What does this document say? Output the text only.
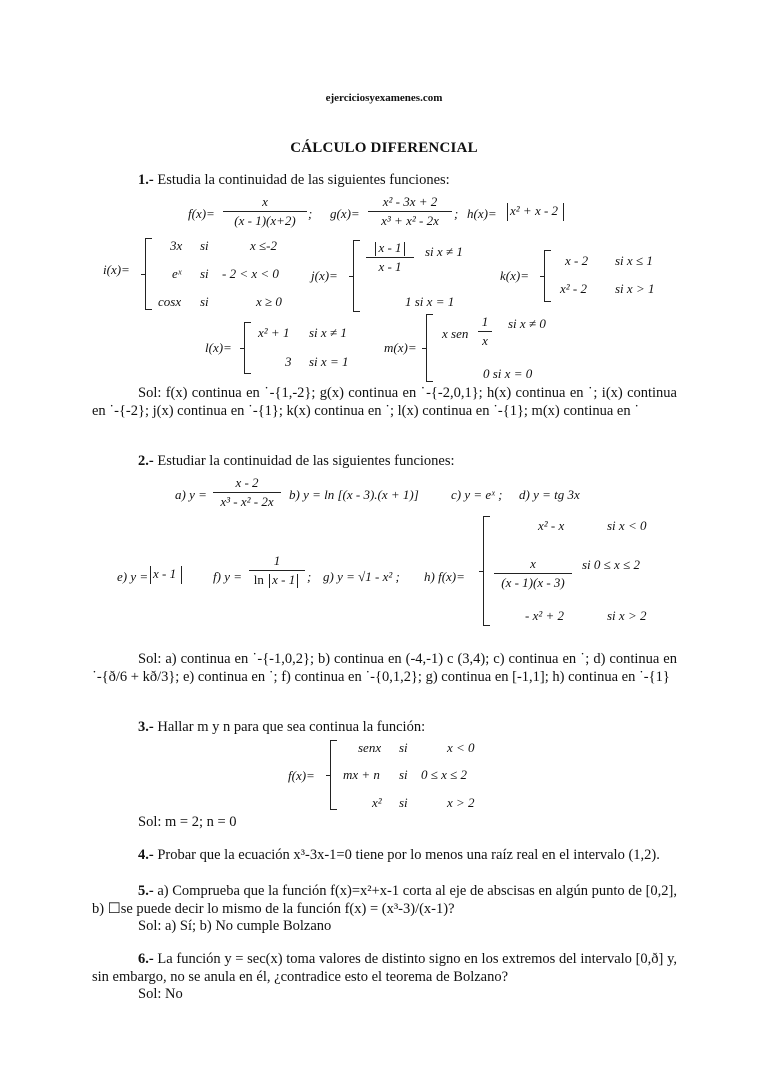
ejerciciosyexamenes.com
CÁLCULO DIFERENCIAL
1.- Estudia la continuidad de las siguientes funciones:
f(x)=
x
(x - 1)(x+2) ; g(x)=
x² - 3x + 2
x³ + x² - 2x	; h(x)=	x² + x - 2
i(x)=
3x si	x ≤-2
eˣ si - 2 < x < 0
cosx si	x ≥ 0
j(x)=
x - 1
x - 1
si x ≠ 1
1 si x = 1
k(x)=
x - 2 si x ≤ 1
x² - 2 si x > 1
l(x)=
x² + 1 si x ≠ 1
3 si x = 1
m(x)=
x sen
1
x
si x ≠ 0
0 si x = 0
Sol: f(x) continua en ˙-{1,-2}; g(x) continua en ˙-{-2,0,1}; h(x) continua en ˙; i(x) continua en ˙-{-2}; j(x) continua en ˙-{1}; k(x) continua en ˙; l(x) continua en ˙-{1}; m(x) continua en ˙
2.- Estudiar la continuidad de las siguientes funciones:
a) y =
x - 2
x³ - x² - 2x	b) y = ln [(x - 3).(x + 1)] c) y = eˣ ; d) y = tg 3x
e) y = x - 1	f) y =
1
ln x - 1 ; g) y = √1 - x² ; h) f(x)=
x² - x	si x < 0
x
(x - 1)(x - 3)
si 0 ≤ x ≤ 2
- x² + 2	si x > 2
Sol: a) continua en ˙-{-1,0,2}; b) continua en (-4,-1) c (3,4); c) continua en ˙; d) continua en ˙-{ð/6 + kð/3}; e) continua en ˙; f) continua en ˙-{0,1,2}; g) continua en [-1,1]; h) continua en ˙-{1}
3.- Hallar m y n para que sea continua la función:
f(x)=
senx si	x < 0
mx + n si 0 ≤ x ≤ 2
x² si	x > 2
Sol: m = 2; n = 0
4.- Probar que la ecuación x³-3x-1=0 tiene por lo menos una raíz real en el intervalo (1,2).
5.- a) Comprueba que la función f(x)=x²+x-1 corta al eje de abscisas en algún punto de [0,2], b) ☐se puede decir lo mismo de la función f(x) = (x³-3)/(x-1)?
Sol: a) Sí; b) No cumple Bolzano
6.- La función y = sec(x) toma valores de distinto signo en los extremos del intervalo [0,ð] y, sin embargo, no se anula en él, ¿contradice esto el teorema de Bolzano?
Sol: No
